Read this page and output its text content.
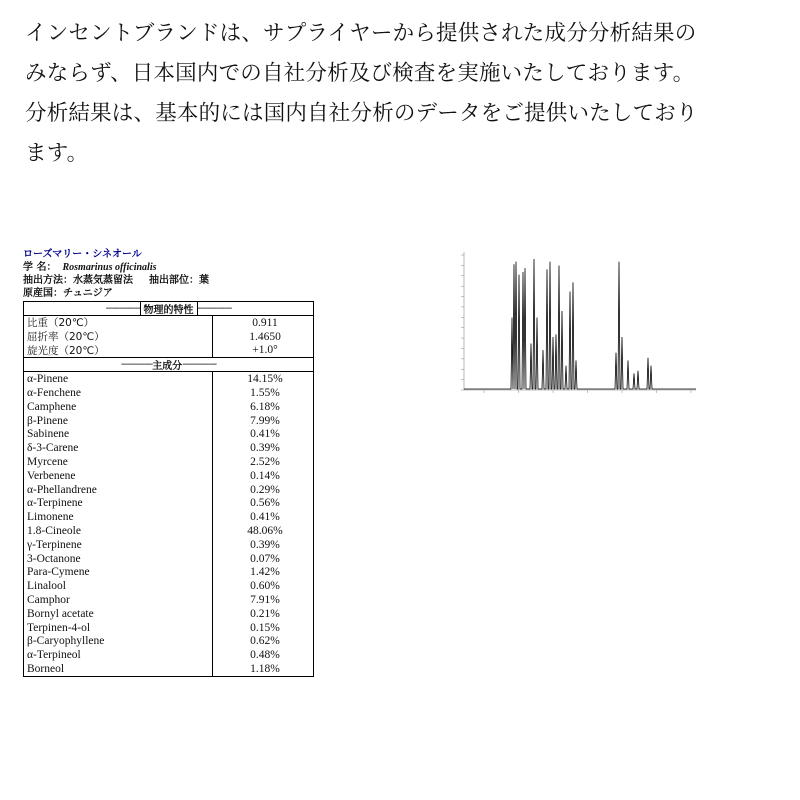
インセントブランドは、サプライヤーから提供された成分分析結果の
みならず、日本国内での自社分析及び検査を実施いたしております。
分析結果は、基本的には国内自社分析のデータをご提供いたしており
ます。
ローズマリー・シネオール
学 名： Rosmarinus officinalis
抽出方法：水蒸気蒸留法 抽出部位：葉
原産国：チュニジア
------------- 物理的特性 -------------
比重（20℃）	0.911
屈折率（20℃）	1.4650
旋光度（20℃）	+1.0°
------------ 主成分 -------------
α-Pinene	14.15%
α-Fenchene	1.55%
Camphene	6.18%
β-Pinene	7.99%
Sabinene	0.41%
δ-3-Carene	0.39%
Myrcene	2.52%
Verbenene	0.14%
α-Phellandrene	0.29%
α-Terpinene	0.56%
Limonene	0.41%
1.8-Cineole	48.06%
γ-Terpinene	0.39%
3-Octanone	0.07%
Para-Cymene	1.42%
Linalool	0.60%
Camphor	7.91%
Bornyl acetate	0.21%
Terpinen-4-ol	0.15%
β-Caryophyllene	0.62%
α-Terpineol	0.48%
Borneol	1.18%
